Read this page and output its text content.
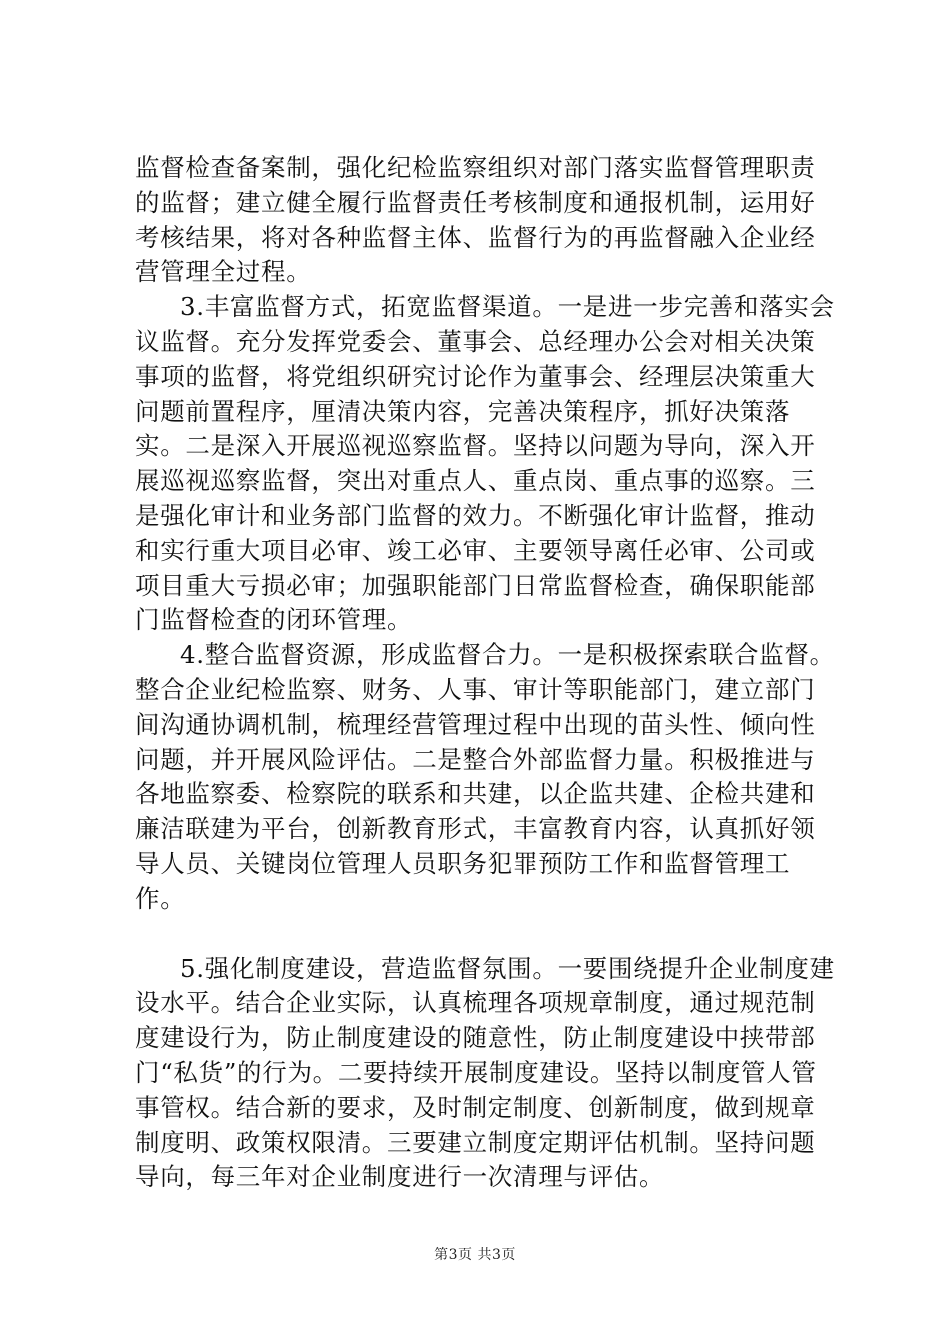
监督检查备案制，强化纪检监察组织对部门落实监督管理职责的监督；建立健全履行监督责任考核制度和通报机制，运用好考核结果，将对各种监督主体、监督行为的再监督融入企业经营管理全过程。

3.丰富监督方式，拓宽监督渠道。一是进一步完善和落实会议监督。充分发挥党委会、董事会、总经理办公会对相关决策事项的监督，将党组织研究讨论作为董事会、经理层决策重大问题前置程序，厘清决策内容，完善决策程序，抓好决策落实。二是深入开展巡视巡察监督。坚持以问题为导向，深入开展巡视巡察监督，突出对重点人、重点岗、重点事的巡察。三是强化审计和业务部门监督的效力。不断强化审计监督，推动和实行重大项目必审、竣工必审、主要领导离任必审、公司或项目重大亏损必审；加强职能部门日常监督检查，确保职能部门监督检查的闭环管理。

4.整合监督资源，形成监督合力。一是积极探索联合监督。整合企业纪检监察、财务、人事、审计等职能部门，建立部门间沟通协调机制，梳理经营管理过程中出现的苗头性、倾向性问题，并开展风险评估。二是整合外部监督力量。积极推进与各地监察委、检察院的联系和共建，以企监共建、企检共建和廉洁联建为平台，创新教育形式，丰富教育内容，认真抓好领导人员、关键岗位管理人员职务犯罪预防工作和监督管理工作。

5.强化制度建设，营造监督氛围。一要围绕提升企业制度建设水平。结合企业实际，认真梳理各项规章制度，通过规范制度建设行为，防止制度建设的随意性，防止制度建设中挟带部门“私货”的行为。二要持续开展制度建设。坚持以制度管人管事管权。结合新的要求，及时制定制度、创新制度，做到规章制度明、政策权限清。三要建立制度定期评估机制。坚持问题导向，每三年对企业制度进行一次清理与评估。

第3页 共3页
